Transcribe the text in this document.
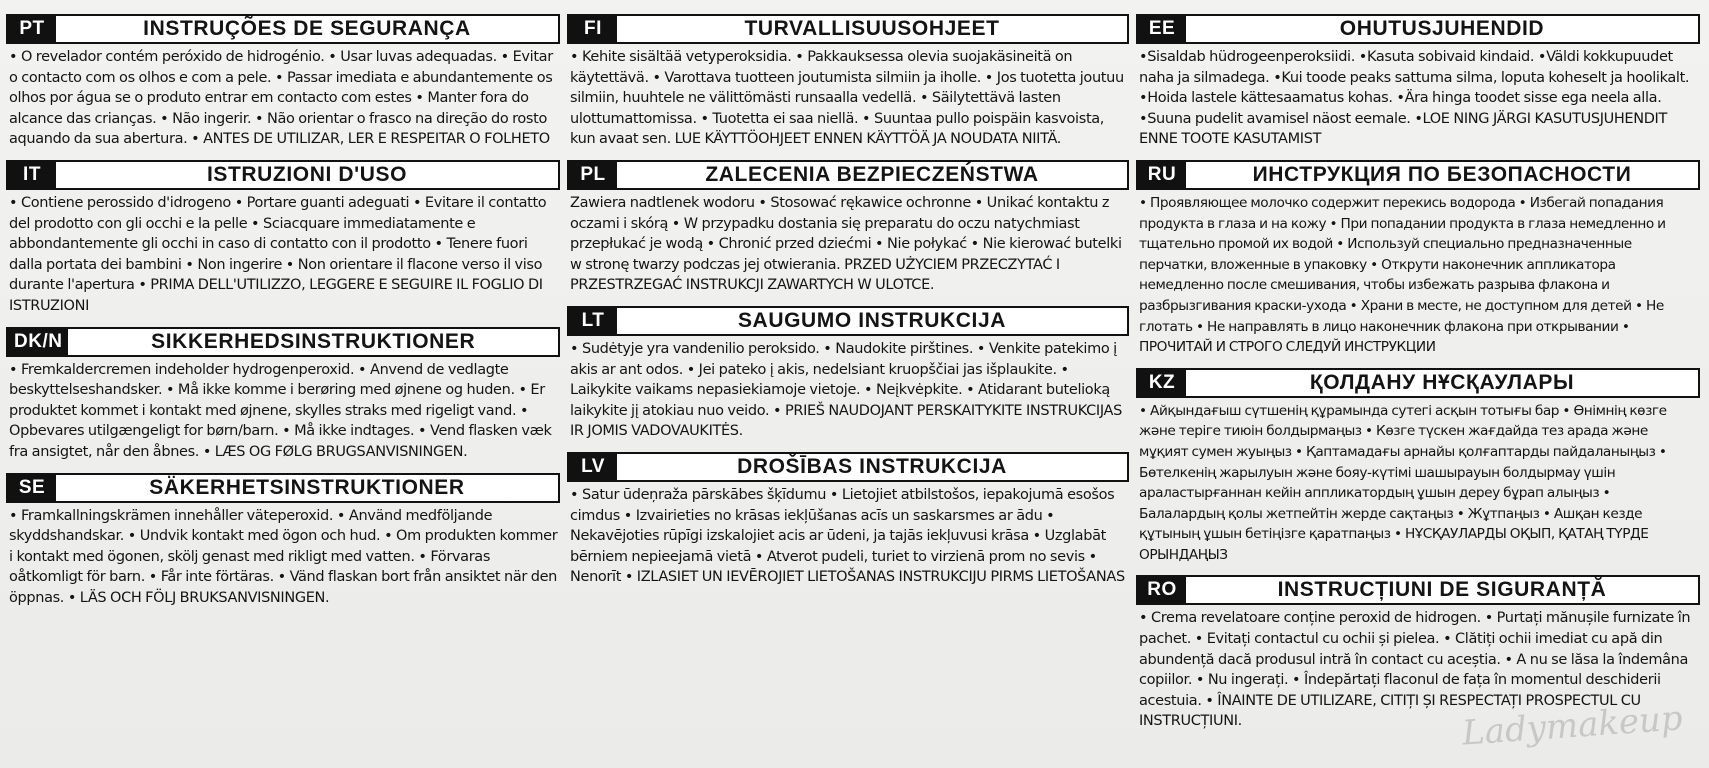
PT	INSTRUÇÕES DE SEGURANÇA
• O revelador contém peróxido de hidrogénio. • Usar luvas adequadas. • Evitar o contacto com os olhos e com a pele. • Passar imediata e abundantemente os olhos por água se o produto entrar em contacto com estes • Manter fora do alcance das crianças. • Não ingerir. • Não orientar o frasco na direção do rosto aquando da sua abertura. • ANTES DE UTILIZAR, LER E RESPEITAR O FOLHETO
IT	ISTRUZIONI D'USO
• Contiene perossido d'idrogeno • Portare guanti adeguati • Evitare il contatto del prodotto con gli occhi e la pelle • Sciacquare immediatamente e abbondantemente gli occhi in caso di contatto con il prodotto • Tenere fuori dalla portata dei bambini • Non ingerire • Non orientare il flacone verso il viso durante l'apertura • PRIMA DELL'UTILIZZO, LEGGERE E SEGUIRE IL FOGLIO DI ISTRUZIONI
DK/N	SIKKERHEDSINSTRUKTIONER
• Fremkaldercremen indeholder hydrogenperoxid. • Anvend de vedlagte beskyttelseshandsker. • Må ikke komme i berøring med øjnene og huden. • Er produktet kommet i kontakt med øjnene, skylles straks med rigeligt vand. • Opbevares utilgængeligt for børn/barn. • Må ikke indtages. • Vend flasken væk fra ansigtet, når den åbnes. • LÆS OG FØLG BRUGSANVISNINGEN.
SE	SÄKERHETSINSTRUKTIONER
• Framkallningskrämen innehåller väteperoxid. • Använd medföljande skyddshandskar. • Undvik kontakt med ögon och hud. • Om produkten kommer i kontakt med ögonen, skölj genast med rikligt med vatten. • Förvaras oåtkomligt för barn. • Får inte förtäras. • Vänd flaskan bort från ansiktet när den öppnas. • LÄS OCH FÖLJ BRUKSANVISNINGEN.
FI	TURVALLISUUSOHJEET
• Kehite sisältää vetyperoksidia. • Pakkauksessa olevia suojakäsineitä on käytettävä. • Varottava tuotteen joutumista silmiin ja iholle. • Jos tuotetta joutuu silmiin, huuhtele ne välittömästi runsaalla vedellä. • Säilytettävä lasten ulottumattomissa. • Tuotetta ei saa niellä. • Suuntaa pullo poispäin kasvoista, kun avaat sen. LUE KÄYTTÖOHJEET ENNEN KÄYTTÖÄ JA NOUDATA NIITÄ.
PL	ZALECENIA BEZPIECZEŃSTWA
Zawiera nadtlenek wodoru • Stosować rękawice ochronne • Unikać kontaktu z oczami i skórą • W przypadku dostania się preparatu do oczu natychmiast przepłukać je wodą • Chronić przed dziećmi • Nie połykać • Nie kierować butelki w stronę twarzy podczas jej otwierania. PRZED UŻYCIEM PRZECZYTAĆ I PRZESTRZEGAĆ INSTRUKCJI ZAWARTYCH W ULOTCE.
LT	SAUGUMO INSTRUKCIJA
• Sudėtyje yra vandenilio peroksido. • Naudokite pirštines. • Venkite patekimo į akis ar ant odos. • Jei pateko į akis, nedelsiant kruopščiai jas išplaukite. • Laikykite vaikams nepasiekiamoje vietoje. • Neįkvėpkite. • Atidarant butelioką laikykite jį atokiau nuo veido. • PRIEŠ NAUDOJANT PERSKAITYKITE INSTRUKCIJAS IR JOMIS VADOVAUKITĖS.
LV	DROŠĪBAS INSTRUKCIJA
• Satur ūdeņraža pārskābes šķīdumu • Lietojiet atbilstošos, iepakojumā esošos cimdus • Izvairieties no krāsas iekļūšanas acīs un saskarsmes ar ādu • Nekavējoties rūpīgi izskalojiet acis ar ūdeni, ja tajās iekļuvusi krāsa • Uzglabāt bērniem nepieejamā vietā • Atverot pudeli, turiet to virzienā prom no sevis • Nenorīt • IZLASIET UN IEVĒROJIET LIETOŠANAS INSTRUKCIJU PIRMS LIETOŠANAS
EE	OHUTUSJUHENDID
•Sisaldab hüdrogeenperoksiidi. •Kasuta sobivaid kindaid. •Väldi kokkupuudet naha ja silmadega. •Kui toode peaks sattuma silma, loputa koheselt ja hoolikalt. •Hoida lastele kättesaamatus kohas. •Ära hinga toodet sisse ega neela alla. •Suuna pudelit avamisel näost eemale. •LOE NING JÄRGI KASUTUSJUHENDIT ENNE TOOTE KASUTAMIST
RU	ИНСТРУКЦИЯ ПО БЕЗОПАСНОСТИ
• Проявляющее молочко содержит перекись водорода • Избегай попадания продукта в глаза и на кожу • При попадании продукта в глаза немедленно и тщательно промой их водой • Используй специально предназначенные перчатки, вложенные в упаковку • Открути наконечник аппликатора немедленно после смешивания, чтобы избежать разрыва флакона и разбрызгивания краски-ухода • Храни в месте, не доступном для детей • Не глотать • Не направлять в лицо наконечник флакона при открывании • ПРОЧИТАЙ И СТРОГО СЛЕДУЙ ИНСТРУКЦИИ
KZ	ҚОЛДАНУ НҰСҚАУЛАРЫ
• Айқындағыш сүтшенің құрамында сутегі асқын тотығы бар • Өнімнің көзге және теріге тиюін болдырмаңыз • Көзге түскен жағдайда тез арада және мұқият сумен жуыңыз • Қаптамадағы арнайы қолғаптарды пайдаланыңыз • Бөтелкенің жарылуын және бояу-күтімі шашырауын болдырмау үшін араластырғаннан кейін аппликатордың ұшын дереу бұрап алыңыз • Балалардың қолы жетпейтін жерде сақтаңыз • Жұтпаңыз • Ашқан кезде құтының ұшын бетіңізге қаратпаңыз • НҰСҚАУЛАРДЫ ОҚЫП, ҚАТАҢ ТҮРДЕ ОРЫНДАҢЫЗ
RO	INSTRUCȚIUNI DE SIGURANȚĂ
• Crema revelatoare conține peroxid de hidrogen. • Purtați mănușile furnizate în pachet. • Evitați contactul cu ochii și pielea. • Clătiți ochii imediat cu apă din abundență dacă produsul intră în contact cu aceștia. • A nu se lăsa la îndemâna copiilor. • Nu ingerați. • Îndepărtați flaconul de fața în momentul deschiderii acestuia. • ÎNAINTE DE UTILIZARE, CITIȚI ȘI RESPECTAȚI PROSPECTUL CU INSTRUCȚIUNI.	Ladymakeup
